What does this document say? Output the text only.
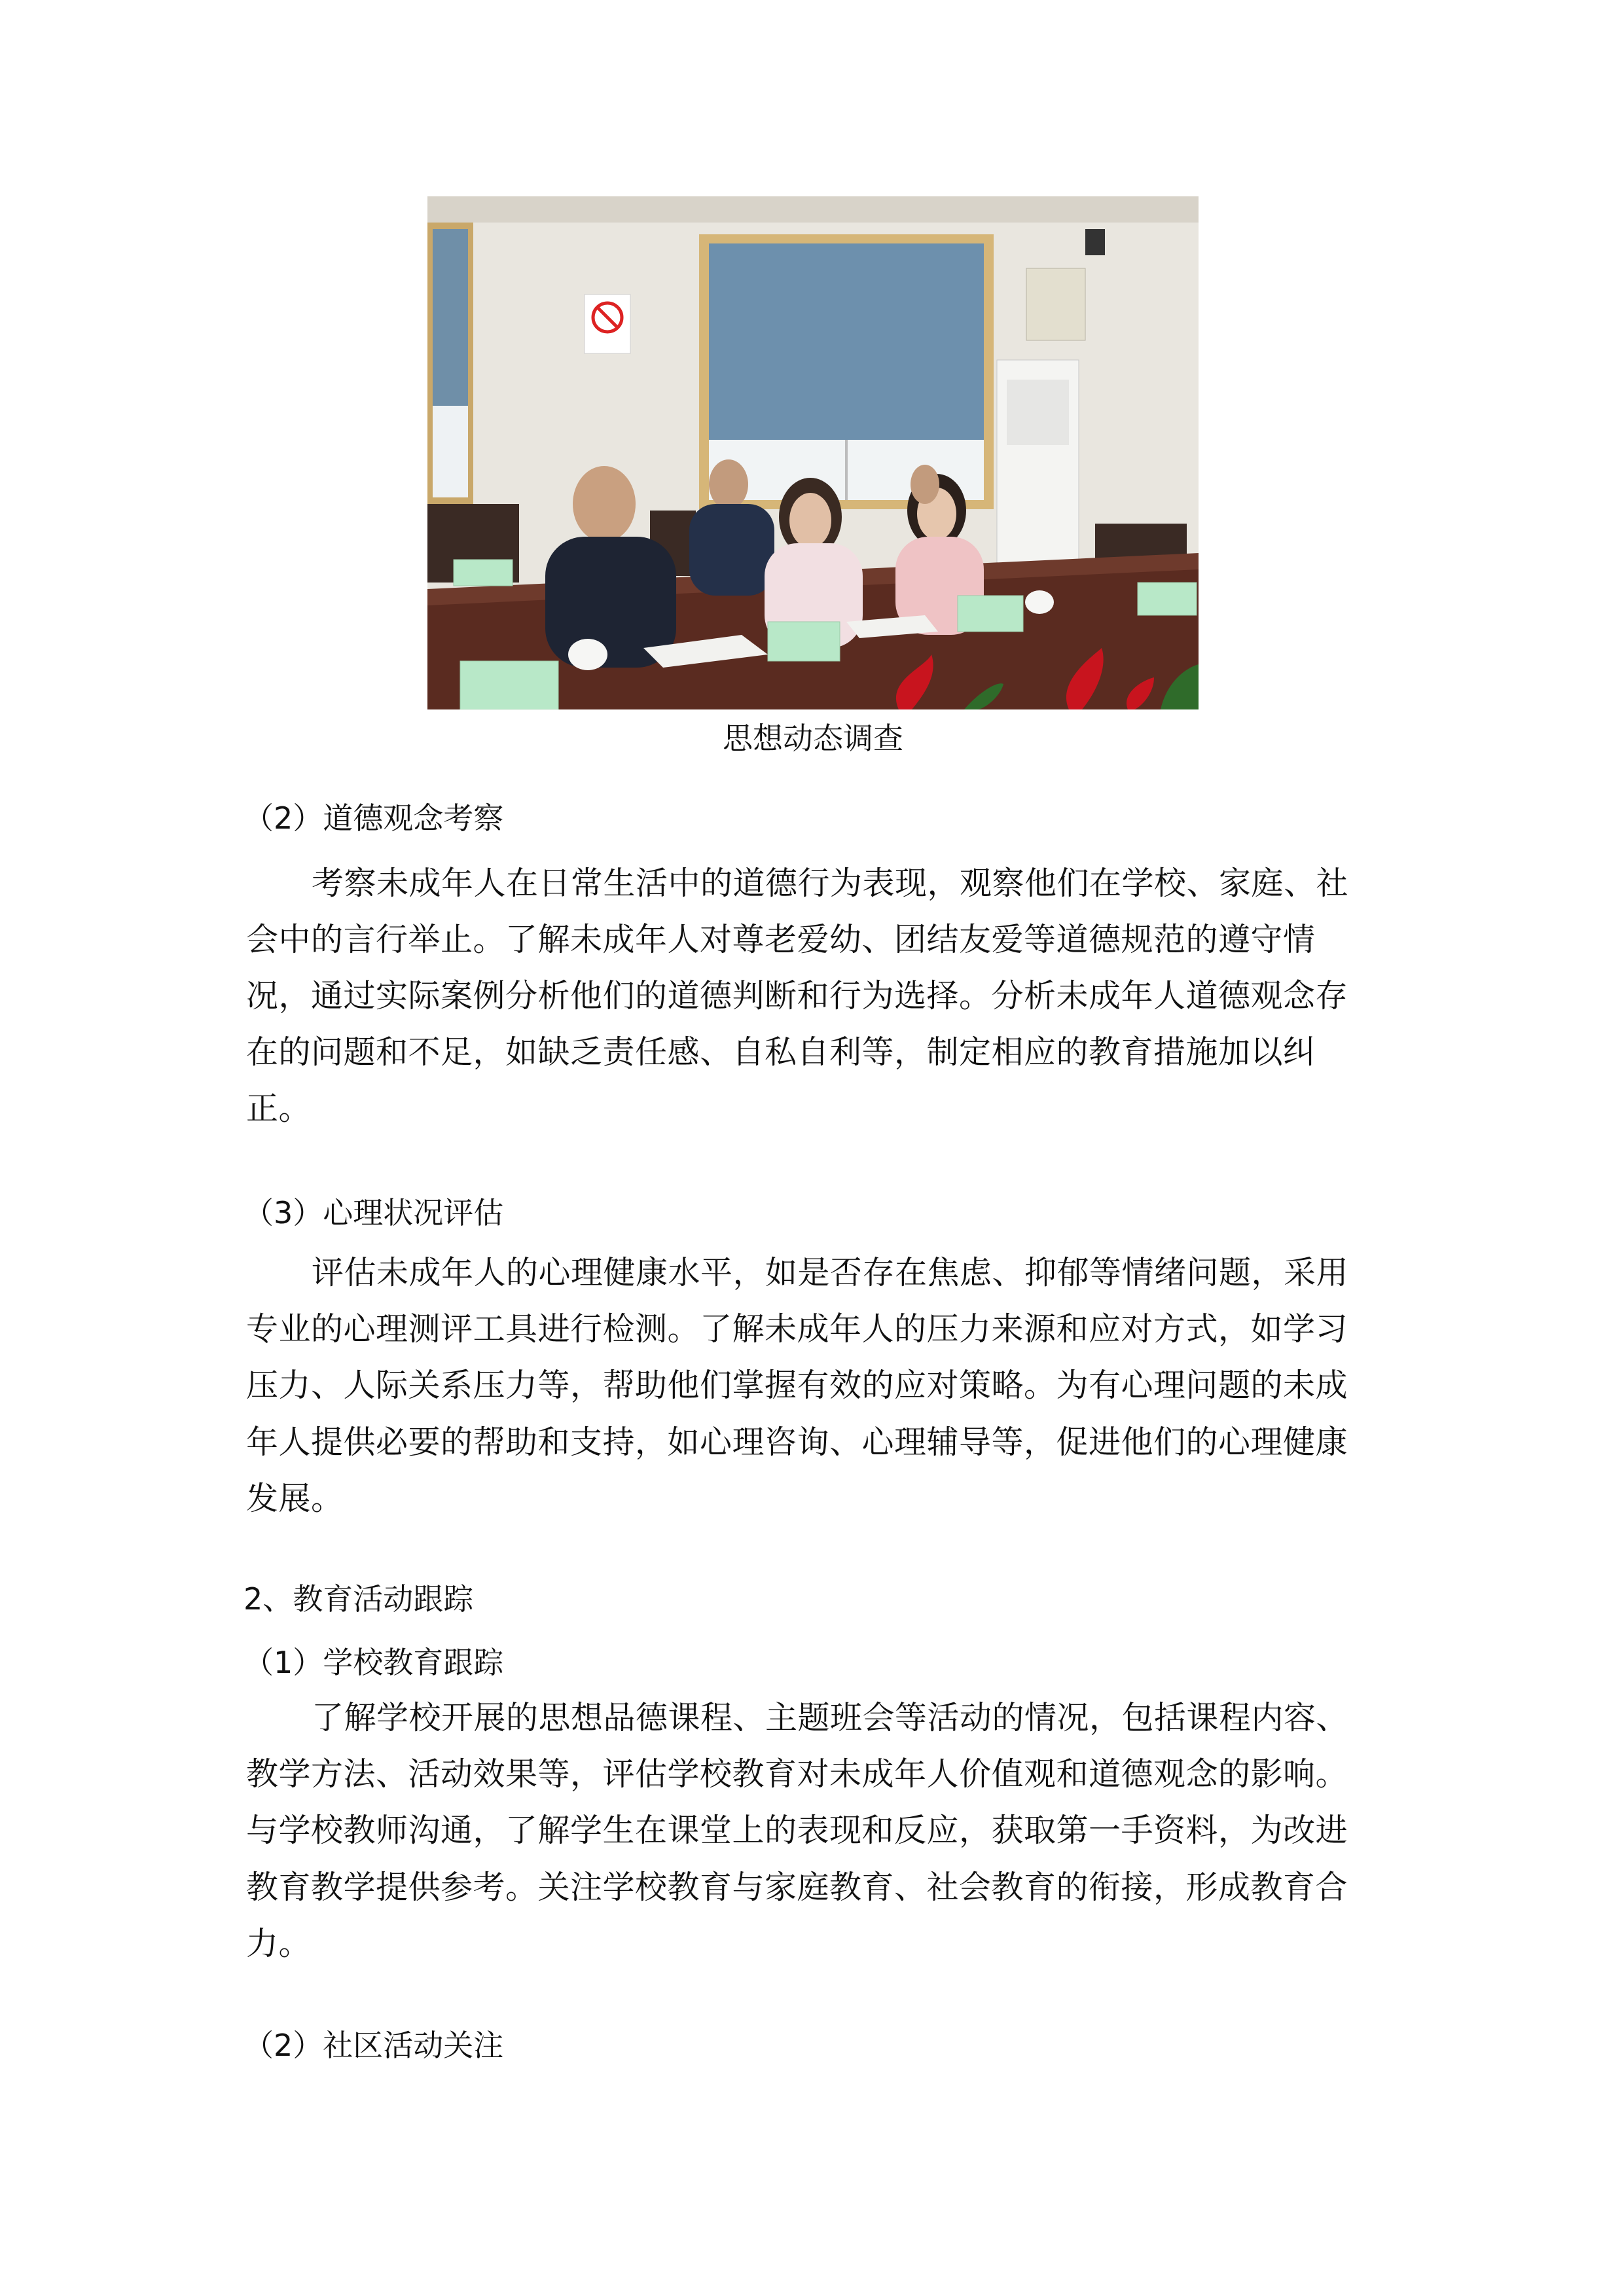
思想动态调查
（2）道德观念考察
考察未成年人在日常生活中的道德行为表现，观察他们在学校、家庭、社
会中的言行举止。了解未成年人对尊老爱幼、团结友爱等道德规范的遵守情
况，通过实际案例分析他们的道德判断和行为选择。分析未成年人道德观念存
在的问题和不足，如缺乏责任感、自私自利等，制定相应的教育措施加以纠
正。
（3）心理状况评估
评估未成年人的心理健康水平，如是否存在焦虑、抑郁等情绪问题，采用
专业的心理测评工具进行检测。了解未成年人的压力来源和应对方式，如学习
压力、人际关系压力等，帮助他们掌握有效的应对策略。为有心理问题的未成
年人提供必要的帮助和支持，如心理咨询、心理辅导等，促进他们的心理健康
发展。
2、教育活动跟踪
（1）学校教育跟踪
了解学校开展的思想品德课程、主题班会等活动的情况，包括课程内容、
教学方法、活动效果等，评估学校教育对未成年人价值观和道德观念的影响。
与学校教师沟通，了解学生在课堂上的表现和反应，获取第一手资料，为改进
教育教学提供参考。关注学校教育与家庭教育、社会教育的衔接，形成教育合
力。
（2）社区活动关注
